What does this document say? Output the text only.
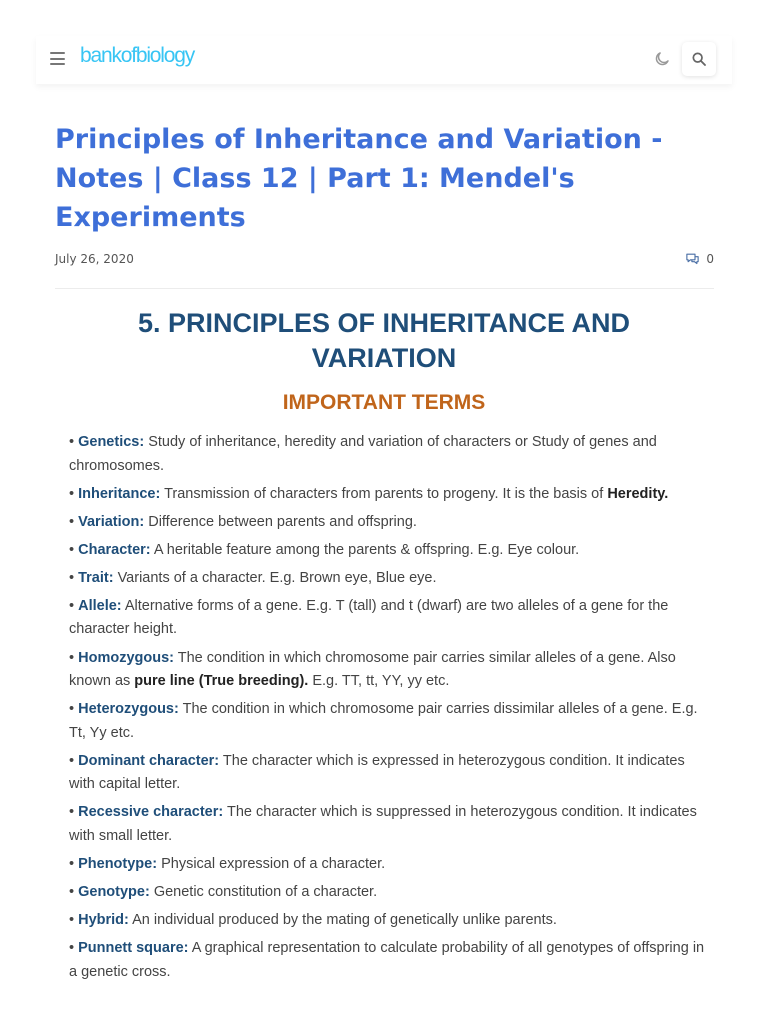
bankofbiology
Principles of Inheritance and Variation - Notes | Class 12 | Part 1: Mendel's Experiments
July 26, 2020	0
5. PRINCIPLES OF INHERITANCE AND VARIATION
IMPORTANT TERMS
• Genetics: Study of inheritance, heredity and variation of characters or Study of genes and chromosomes.
• Inheritance: Transmission of characters from parents to progeny. It is the basis of Heredity.
• Variation: Difference between parents and offspring.
• Character: A heritable feature among the parents & offspring. E.g. Eye colour.
• Trait: Variants of a character. E.g. Brown eye, Blue eye.
• Allele: Alternative forms of a gene. E.g. T (tall) and t (dwarf) are two alleles of a gene for the character height.
• Homozygous: The condition in which chromosome pair carries similar alleles of a gene. Also known as pure line (True breeding). E.g. TT, tt, YY, yy etc.
• Heterozygous: The condition in which chromosome pair carries dissimilar alleles of a gene. E.g. Tt, Yy etc.
• Dominant character: The character which is expressed in heterozygous condition. It indicates with capital letter.
• Recessive character: The character which is suppressed in heterozygous condition. It indicates with small letter.
• Phenotype: Physical expression of a character.
• Genotype: Genetic constitution of a character.
• Hybrid: An individual produced by the mating of genetically unlike parents.
• Punnett square: A graphical representation to calculate probability of all genotypes of offspring in a genetic cross.
